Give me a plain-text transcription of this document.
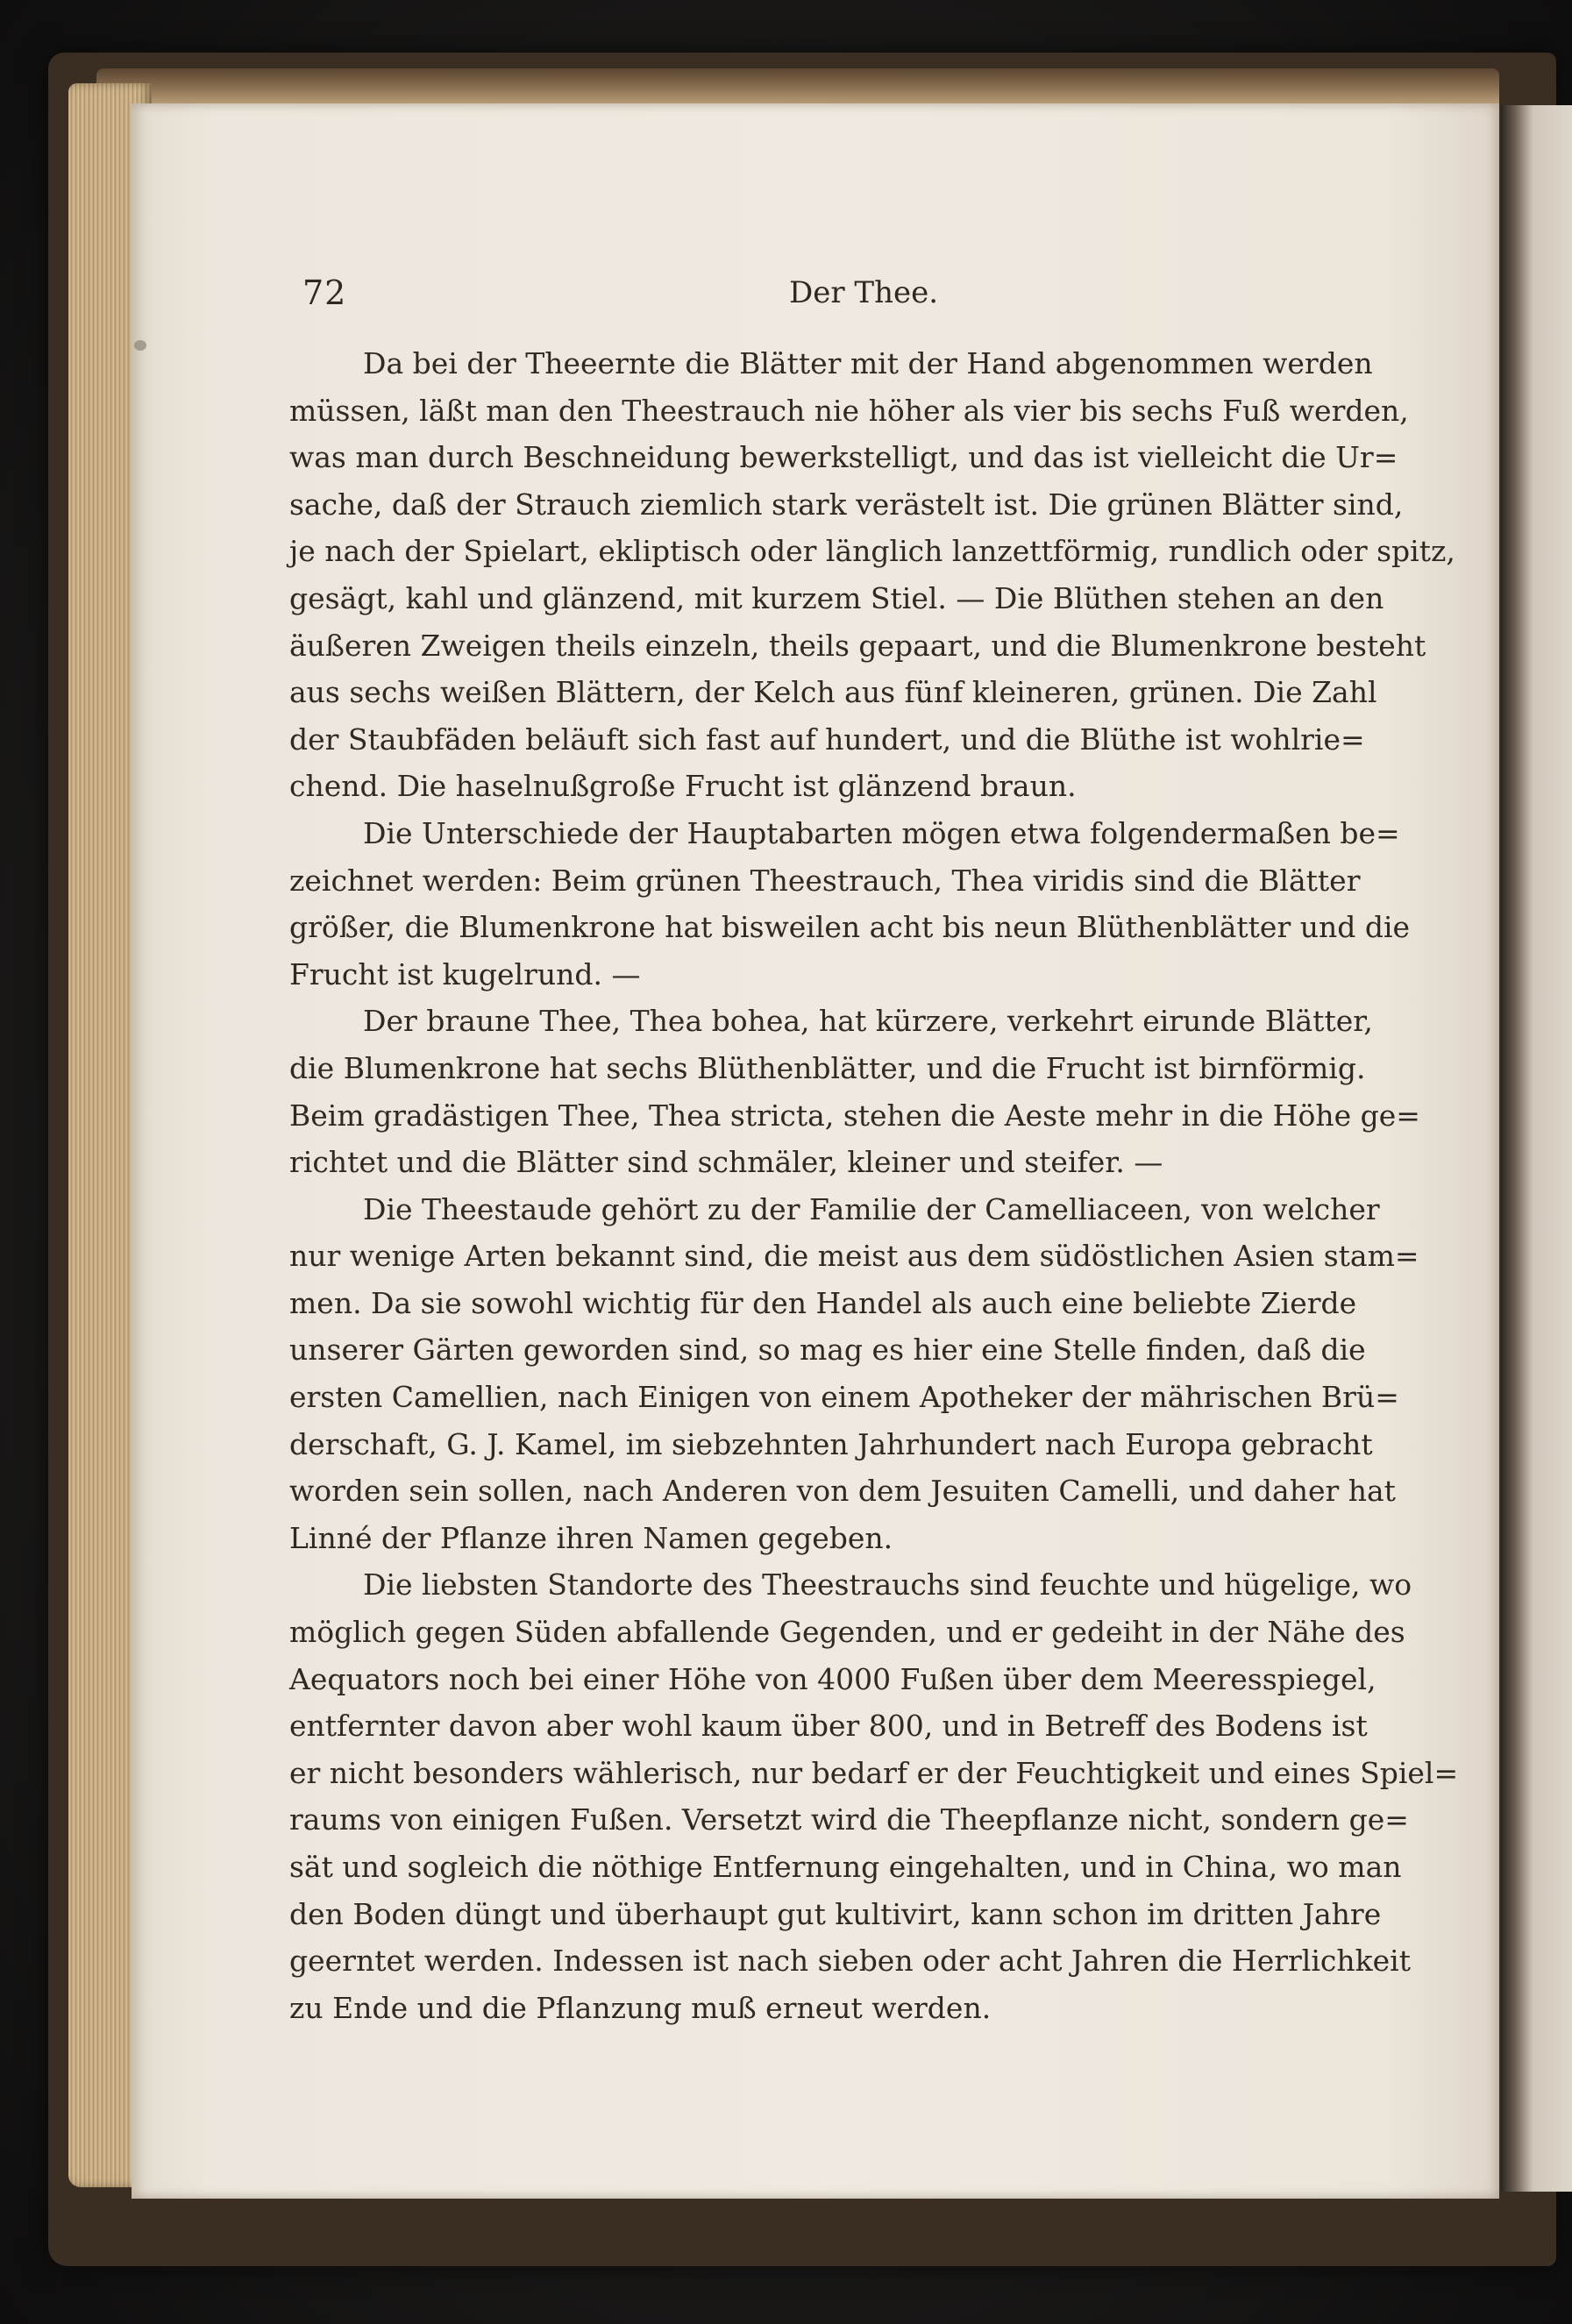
72	Der Thee.
Da bei der Theeernte die Blätter mit der Hand abgenommen werden
müssen, läßt man den Theestrauch nie höher als vier bis sechs Fuß werden,
was man durch Beschneidung bewerkstelligt, und das ist vielleicht die Ur=
sache, daß der Strauch ziemlich stark verästelt ist. Die grünen Blätter sind,
je nach der Spielart, ekliptisch oder länglich lanzettförmig, rundlich oder spitz,
gesägt, kahl und glänzend, mit kurzem Stiel. — Die Blüthen stehen an den
äußeren Zweigen theils einzeln, theils gepaart, und die Blumenkrone besteht
aus sechs weißen Blättern, der Kelch aus fünf kleineren, grünen. Die Zahl
der Staubfäden beläuft sich fast auf hundert, und die Blüthe ist wohlrie=
chend. Die haselnußgroße Frucht ist glänzend braun.
Die Unterschiede der Hauptabarten mögen etwa folgendermaßen be=
zeichnet werden: Beim grünen Theestrauch, Thea viridis sind die Blätter
größer, die Blumenkrone hat bisweilen acht bis neun Blüthenblätter und die
Frucht ist kugelrund. —
Der braune Thee, Thea bohea, hat kürzere, verkehrt eirunde Blätter,
die Blumenkrone hat sechs Blüthenblätter, und die Frucht ist birnförmig.
Beim gradästigen Thee, Thea stricta, stehen die Aeste mehr in die Höhe ge=
richtet und die Blätter sind schmäler, kleiner und steifer. —
Die Theestaude gehört zu der Familie der Camelliaceen, von welcher
nur wenige Arten bekannt sind, die meist aus dem südöstlichen Asien stam=
men. Da sie sowohl wichtig für den Handel als auch eine beliebte Zierde
unserer Gärten geworden sind, so mag es hier eine Stelle finden, daß die
ersten Camellien, nach Einigen von einem Apotheker der mährischen Brü=
derschaft, G. J. Kamel, im siebzehnten Jahrhundert nach Europa gebracht
worden sein sollen, nach Anderen von dem Jesuiten Camelli, und daher hat
Linné der Pflanze ihren Namen gegeben.
Die liebsten Standorte des Theestrauchs sind feuchte und hügelige, wo
möglich gegen Süden abfallende Gegenden, und er gedeiht in der Nähe des
Aequators noch bei einer Höhe von 4000 Fußen über dem Meeresspiegel,
entfernter davon aber wohl kaum über 800, und in Betreff des Bodens ist
er nicht besonders wählerisch, nur bedarf er der Feuchtigkeit und eines Spiel=
raums von einigen Fußen. Versetzt wird die Theepflanze nicht, sondern ge=
sät und sogleich die nöthige Entfernung eingehalten, und in China, wo man
den Boden düngt und überhaupt gut kultivirt, kann schon im dritten Jahre
geerntet werden. Indessen ist nach sieben oder acht Jahren die Herrlichkeit
zu Ende und die Pflanzung muß erneut werden.
